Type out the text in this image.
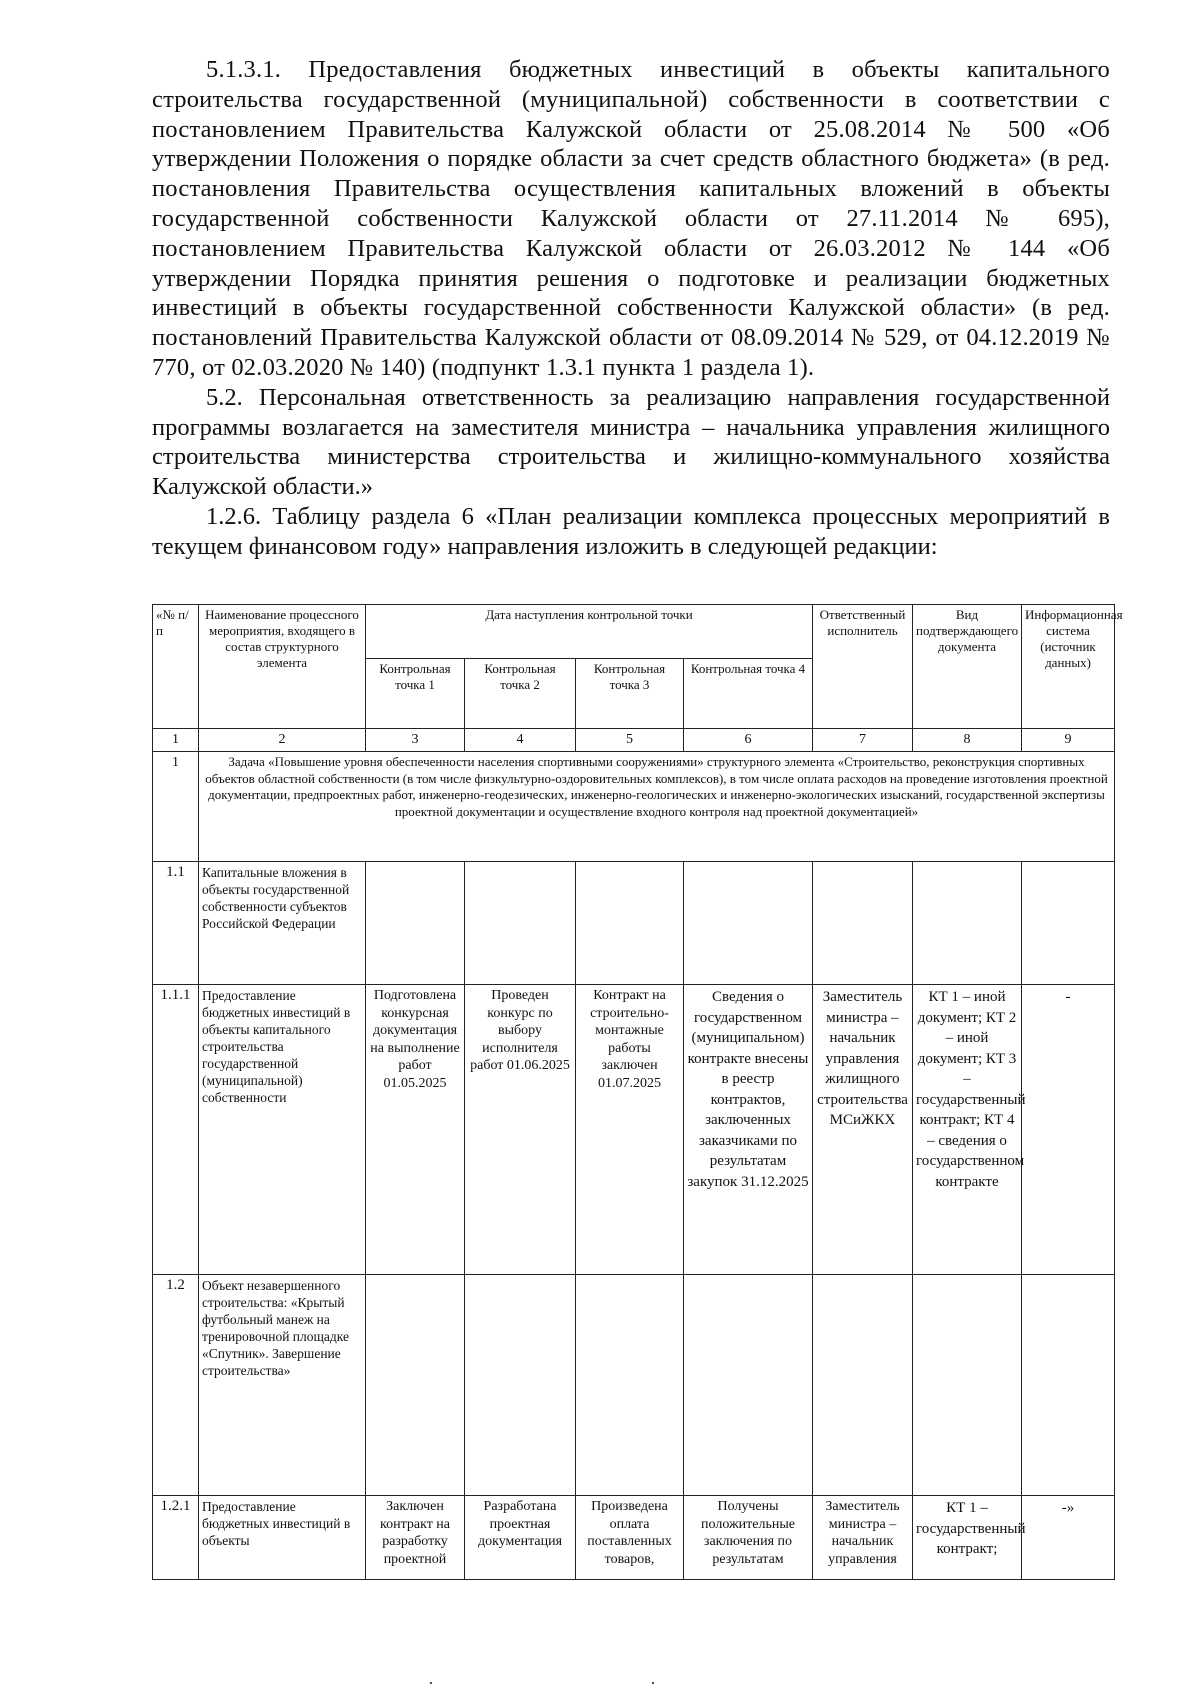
5.1.3.1. Предоставления бюджетных инвестиций в объекты капитального строительства государственной (муниципальной) собственности в соответствии с постановлением Правительства Калужской области от 25.08.2014 № 500 «Об утверждении Положения о порядке области за счет средств областного бюджета» (в ред. постановления Правительства осуществления капитальных вложений в объекты государственной собственности Калужской области от 27.11.2014 № 695), постановлением Правительства Калужской области от 26.03.2012 № 144 «Об утверждении Порядка принятия решения о подготовке и реализации бюджетных инвестиций в объекты государственной собственности Калужской области» (в ред. постановлений Правительства Калужской области от 08.09.2014 № 529, от 04.12.2019 № 770, от 02.03.2020 № 140) (подпункт 1.3.1 пункта 1 раздела 1).

5.2. Персональная ответственность за реализацию направления государственной программы возлагается на заместителя министра – начальника управления жилищного строительства министерства строительства и жилищно-коммунального хозяйства Калужской области.»

1.2.6. Таблицу раздела 6 «План реализации комплекса процессных мероприятий в текущем финансовом году» направления изложить в следующей редакции:

«№ п/п	Наименование процессного мероприятия, входящего в состав структурного элемента	Дата наступления контрольной точки				Ответственный исполнитель	Вид подтверждающего документа	Информационная система (источник данных)
		Контрольная точка 1	Контрольная точка 2	Контрольная точка 3	Контрольная точка 4			
1	2	3	4	5	6	7	8	9
1	Задача «Повышение уровня обеспеченности населения спортивными сооружениями» структурного элемента «Строительство, реконструкция спортивных объектов областной собственности (в том числе физкультурно-оздоровительных комплексов), в том числе оплата расходов на проведение изготовления проектной документации, предпроектных работ, инженерно-геодезических, инженерно-геологических и инженерно-экологических изысканий, государственной экспертизы проектной документации и осуществление входного контроля над проектной документацией»							
1.1	Капитальные вложения в объекты государственной собственности субъектов Российской Федерации							
1.1.1	Предоставление бюджетных инвестиций в объекты капитального строительства государственной (муниципальной) собственности	Подготовлена конкурсная документация на выполнение работ 01.05.2025	Проведен конкурс по выбору исполнителя работ 01.06.2025	Контракт на строительно-монтажные работы заключен 01.07.2025	Сведения о государственном (муниципальном) контракте внесены в реестр контрактов, заключенных заказчиками по результатам закупок 31.12.2025	Заместитель министра – начальник управления жилищного строительства МСиЖКХ	КТ 1 – иной документ; КТ 2 – иной документ; КТ 3 – государственный контракт; КТ 4 – сведения о государственном контракте	-
1.2	Объект незавершенного строительства: «Крытый футбольный манеж на тренировочной площадке «Спутник». Завершение строительства»							
1.2.1	Предоставление бюджетных инвестиций в объекты	Заключен контракт на разработку проектной	Разработана проектная документация	Произведена оплата поставленных товаров,	Получены положительные заключения по результатам	Заместитель министра – начальник управления	КТ 1 – государственный контракт;	-»
